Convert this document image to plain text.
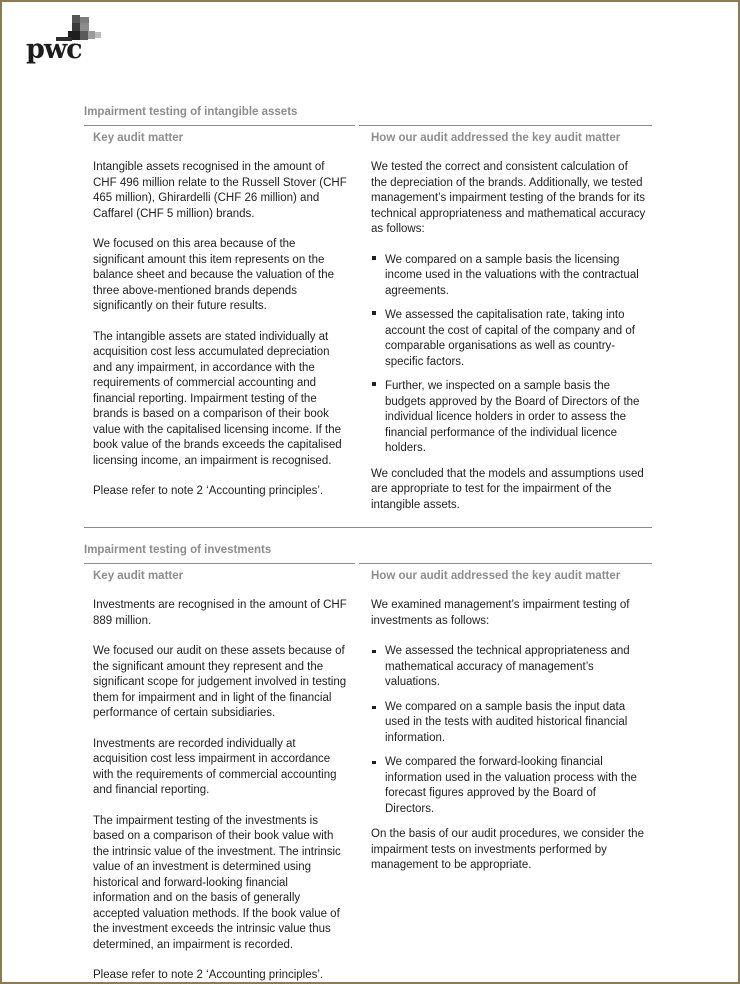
pwc
Impairment testing of intangible assets
Key audit matter

Intangible assets recognised in the amount of CHF 496 million relate to the Russell Stover (CHF 465 million), Ghirardelli (CHF 26 million) and Caffarel (CHF 5 million) brands.

We focused on this area because of the significant amount this item represents on the balance sheet and because the valuation of the three above-mentioned brands depends significantly on their future results.

The intangible assets are stated individually at acquisition cost less accumulated depreciation and any impairment, in accordance with the requirements of commercial accounting and financial reporting. Impairment testing of the brands is based on a comparison of their book value with the capitalised licensing income. If the book value of the brands exceeds the capitalised licensing income, an impairment is recognised.

Please refer to note 2 ‘Accounting principles’.

How our audit addressed the key audit matter

We tested the correct and consistent calculation of the depreciation of the brands. Additionally, we tested management’s impairment testing of the brands for its technical appropriateness and mathematical accuracy as follows:

We compared on a sample basis the licensing income used in the valuations with the contractual agreements.
We assessed the capitalisation rate, taking into account the cost of capital of the company and of comparable organisations as well as country-specific factors.
Further, we inspected on a sample basis the budgets approved by the Board of Directors of the individual licence holders in order to assess the financial performance of the individual licence holders.

We concluded that the models and assumptions used are appropriate to test for the impairment of the intangible assets.

Impairment testing of investments
Key audit matter

Investments are recognised in the amount of CHF 889 million.

We focused our audit on these assets because of the significant amount they represent and the significant scope for judgement involved in testing them for impairment and in light of the financial performance of certain subsidiaries.

Investments are recorded individually at acquisition cost less impairment in accordance with the requirements of commercial accounting and financial reporting.

The impairment testing of the investments is based on a comparison of their book value with the intrinsic value of the investment. The intrinsic value of an investment is determined using historical and forward-looking financial information and on the basis of generally accepted valuation methods. If the book value of the investment exceeds the intrinsic value thus determined, an impairment is recorded.

Please refer to note 2 ‘Accounting principles’.

How our audit addressed the key audit matter

We examined management’s impairment testing of investments as follows:

We assessed the technical appropriateness and mathematical accuracy of management’s valuations.
We compared on a sample basis the input data used in the tests with audited historical financial information.
We compared the forward-looking financial information used in the valuation process with the forecast figures approved by the Board of Directors.

On the basis of our audit procedures, we consider the impairment tests on investments performed by management to be appropriate.
